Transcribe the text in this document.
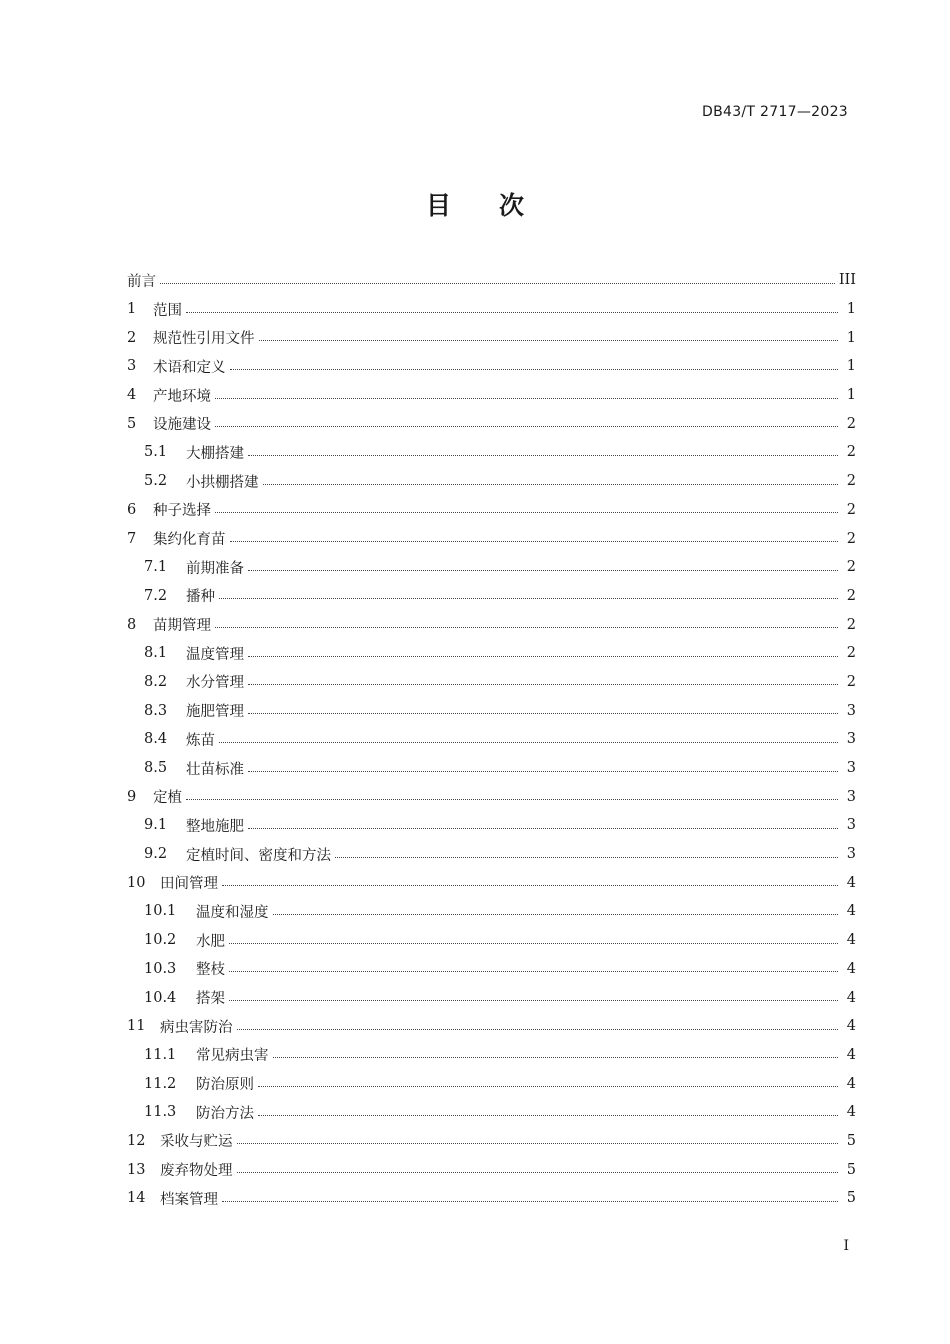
DB43/T 2717—2023
目次
前言	III
1	范围	1
2	规范性引用文件	1
3	术语和定义	1
4	产地环境	1
5	设施建设	2
5.1	大棚搭建	2
5.2	小拱棚搭建	2
6	种子选择	2
7	集约化育苗	2
7.1	前期准备	2
7.2	播种	2
8	苗期管理	2
8.1	温度管理	2
8.2	水分管理	2
8.3	施肥管理	3
8.4	炼苗	3
8.5	壮苗标准	3
9	定植	3
9.1	整地施肥	3
9.2	定植时间、密度和方法	3
10	田间管理	4
10.1	温度和湿度	4
10.2	水肥	4
10.3	整枝	4
10.4	搭架	4
11	病虫害防治	4
11.1	常见病虫害	4
11.2	防治原则	4
11.3	防治方法	4
12	采收与贮运	5
13	废弃物处理	5
14	档案管理	5
I
